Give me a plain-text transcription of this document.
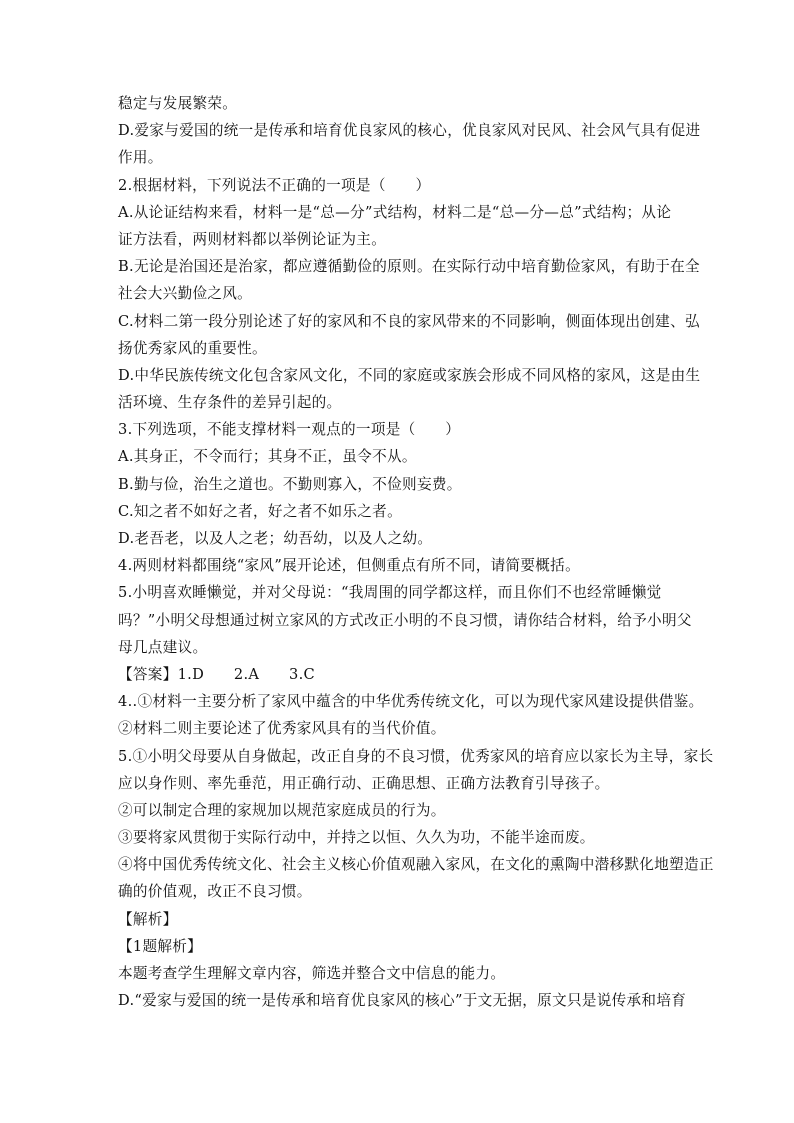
稳定与发展繁荣。
D.爱家与爱国的统一是传承和培育优良家风的核心，优良家风对民风、社会风气具有促进
作用。
2.根据材料，下列说法不正确的一项是（　　）
A.从论证结构来看，材料一是“总—分”式结构，材料二是“总—分—总”式结构；从论
证方法看，两则材料都以举例论证为主。
B.无论是治国还是治家，都应遵循勤俭的原则。在实际行动中培育勤俭家风，有助于在全
社会大兴勤俭之风。
C.材料二第一段分别论述了好的家风和不良的家风带来的不同影响，侧面体现出创建、弘
扬优秀家风的重要性。
D.中华民族传统文化包含家风文化，不同的家庭或家族会形成不同风格的家风，这是由生
活环境、生存条件的差异引起的。
3.下列选项，不能支撑材料一观点的一项是（　　）
A.其身正，不令而行；其身不正，虽令不从。
B.勤与俭，治生之道也。不勤则寡入，不俭则妄费。
C.知之者不如好之者，好之者不如乐之者。
D.老吾老，以及人之老；幼吾幼，以及人之幼。
4.两则材料都围绕“家风”展开论述，但侧重点有所不同，请简要概括。
5.小明喜欢睡懒觉，并对父母说：“我周围的同学都这样，而且你们不也经常睡懒觉
吗？”小明父母想通过树立家风的方式改正小明的不良习惯，请你结合材料，给予小明父
母几点建议。
【答案】1.D　　2.A　　3.C
4..①材料一主要分析了家风中蕴含的中华优秀传统文化，可以为现代家风建设提供借鉴。
②材料二则主要论述了优秀家风具有的当代价值。
5.①小明父母要从自身做起，改正自身的不良习惯，优秀家风的培育应以家长为主导，家长
应以身作则、率先垂范，用正确行动、正确思想、正确方法教育引导孩子。
②可以制定合理的家规加以规范家庭成员的行为。
③要将家风贯彻于实际行动中，并持之以恒、久久为功，不能半途而废。
④将中国优秀传统文化、社会主义核心价值观融入家风，在文化的熏陶中潜移默化地塑造正
确的价值观，改正不良习惯。
【解析】
【1题解析】
本题考查学生理解文章内容，筛选并整合文中信息的能力。
D.“爱家与爱国的统一是传承和培育优良家风的核心”于文无据，原文只是说传承和培育
